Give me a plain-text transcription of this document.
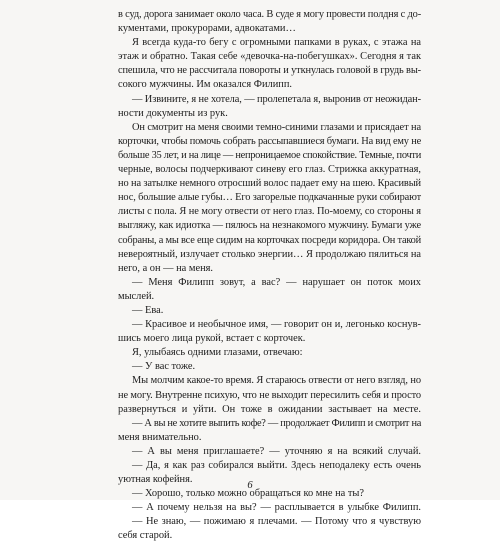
в суд, дорога занимает около часа. В суде я могу провести полдня с до-
кументами, прокурорами, адвокатами…
Я всегда куда-то бегу с огромными папками в руках, с этажа на
этаж и обратно. Такая себе «девочка-на-побегушках». Сегодня я так
спешила, что не рассчитала повороты и уткнулась головой в грудь вы-
сокого мужчины. Им оказался Филипп.
— Извините, я не хотела, — пролепетала я, выронив от неожидан-
ности документы из рук.
Он смотрит на меня своими темно-синими глазами и присядает на
корточки, чтобы помочь собрать рассыпавшиеся бумаги. На вид ему не
больше 35 лет, и на лице — непроницаемое спокойствие. Темные, почти
черные, волосы подчеркивают синеву его глаз. Стрижка аккуратная,
но на затылке немного отросший волос падает ему на шею. Красивый
нос, большие алые губы… Его загорелые подкачанные руки собирают
листы с пола. Я не могу отвести от него глаз. По-моему, со стороны я
выгляжу, как идиотка — пялюсь на незнакомого мужчину. Бумаги уже
собраны, а мы все еще сидим на корточках посреди коридора. Он такой
невероятный, излучает столько энергии… Я продолжаю пялиться на
него, а он — на меня.
— Меня Филипп зовут, а вас? — нарушает он поток моих
мыслей.
— Ева.
— Красивое и необычное имя, — говорит он и, легонько коснув-
шись моего лица рукой, встает с корточек.
Я, улыбаясь одними глазами, отвечаю:
— У вас тоже.
Мы молчим какое-то время. Я стараюсь отвести от него взгляд, но
не могу. Внутренне психую, что не выходит пересилить себя и просто
развернуться и уйти. Он тоже в ожидании застывает на месте.
— А вы не хотите выпить кофе? — продолжает Филипп и смотрит на
меня внимательно.
— А вы меня приглашаете? — уточняю я на всякий случай.
— Да, я как раз собирался выйти. Здесь неподалеку есть очень
уютная кофейня.
— Хорошо, только можно обращаться ко мне на ты?
— А почему нельзя на вы? — расплывается в улыбке Филипп.
— Не знаю, — пожимаю я плечами. — Потому что я чувствую
себя старой.
6
